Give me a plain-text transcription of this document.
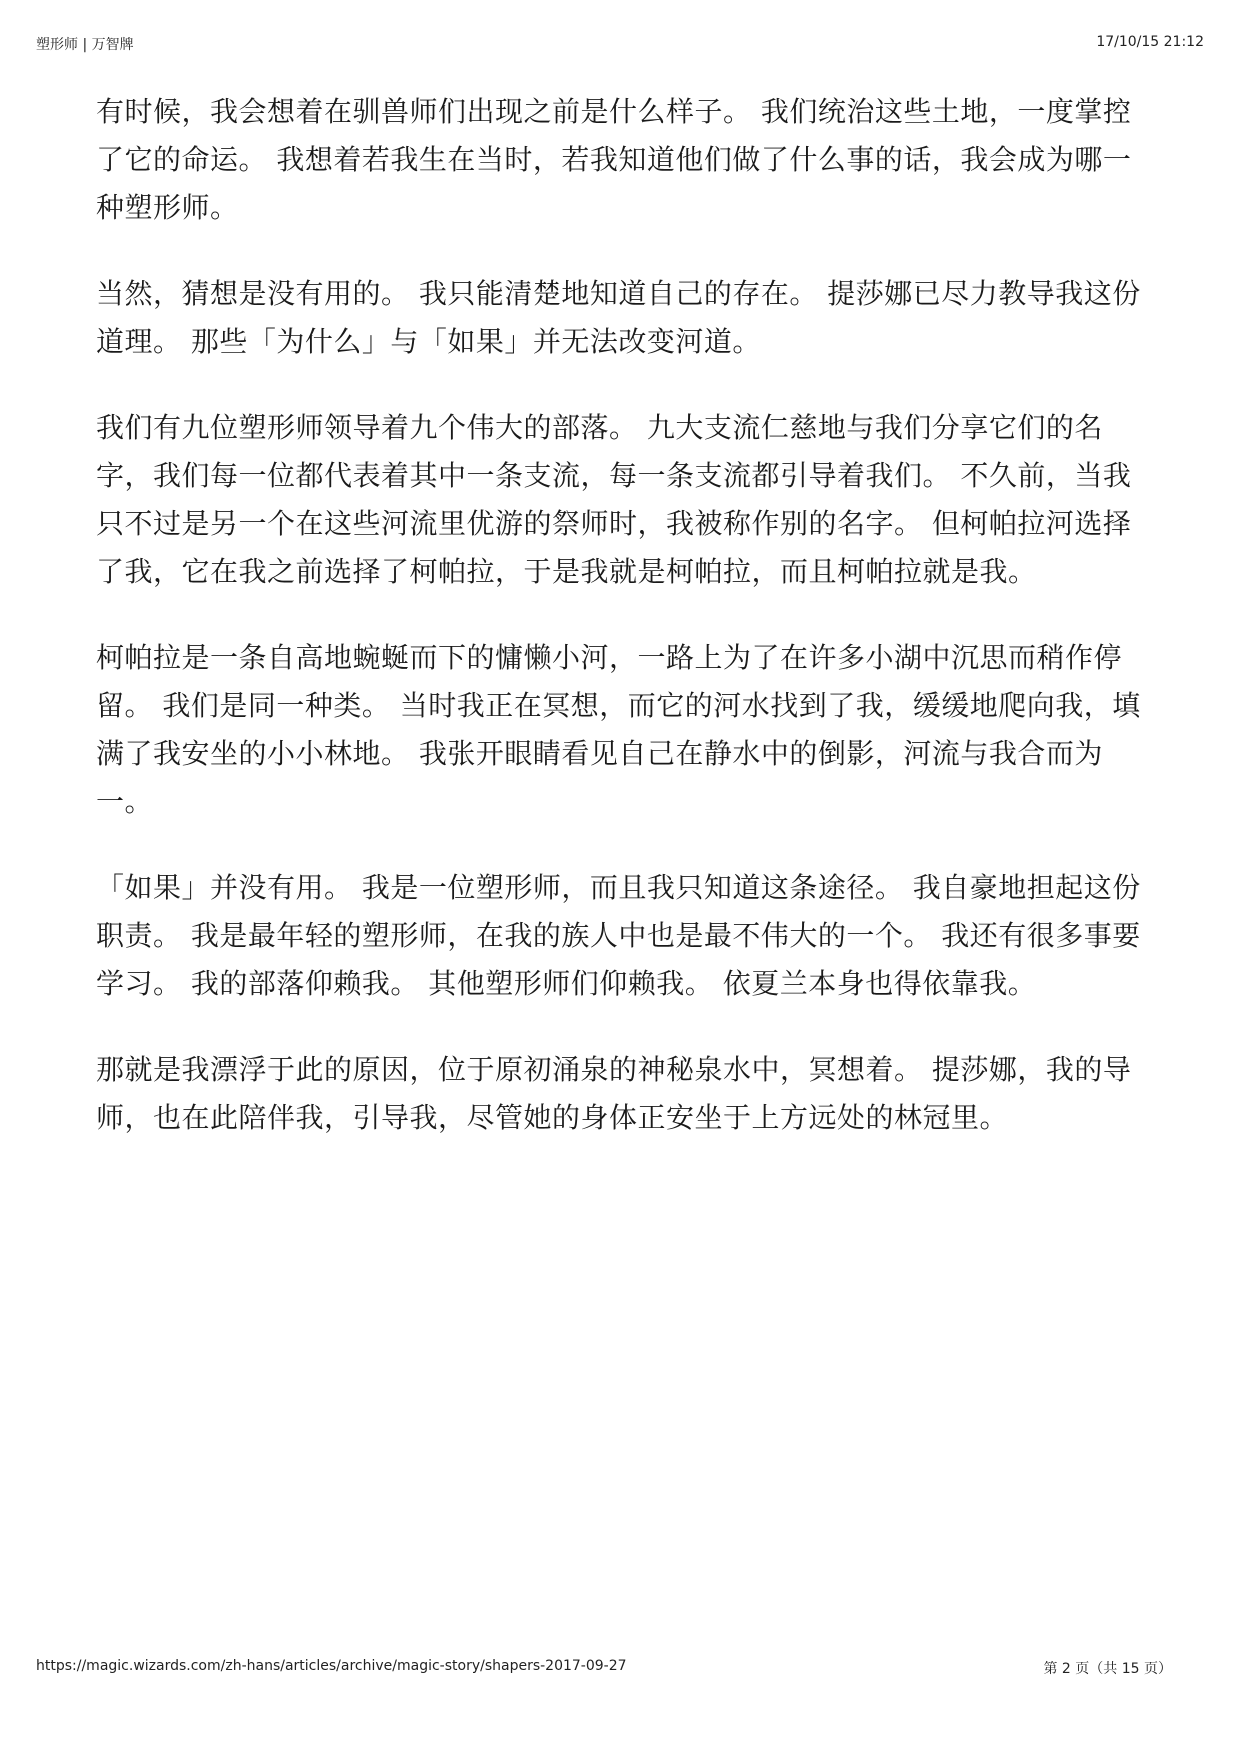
塑形师 | 万智牌	17/10/15 21:12

有时候，我会想着在驯兽师们出现之前是什么样子。 我们统治这些土地，一度掌控了它的命运。 我想着若我生在当时，若我知道他们做了什么事的话，我会成为哪一种塑形师。

当然，猜想是没有用的。 我只能清楚地知道自己的存在。 提莎娜已尽力教导我这份道理。 那些「为什么」与「如果」并无法改变河道。

我们有九位塑形师领导着九个伟大的部落。 九大支流仁慈地与我们分享它们的名字，我们每一位都代表着其中一条支流，每一条支流都引导着我们。 不久前，当我只不过是另一个在这些河流里优游的祭师时，我被称作别的名字。 但柯帕拉河选择了我，它在我之前选择了柯帕拉，于是我就是柯帕拉，而且柯帕拉就是我。

柯帕拉是一条自高地蜿蜒而下的慵懒小河，一路上为了在许多小湖中沉思而稍作停留。 我们是同一种类。 当时我正在冥想，而它的河水找到了我，缓缓地爬向我，填满了我安坐的小小林地。 我张开眼睛看见自己在静水中的倒影，河流与我合而为一。

「如果」并没有用。 我是一位塑形师，而且我只知道这条途径。 我自豪地担起这份职责。 我是最年轻的塑形师，在我的族人中也是最不伟大的一个。 我还有很多事要学习。 我的部落仰赖我。 其他塑形师们仰赖我。 依夏兰本身也得依靠我。

那就是我漂浮于此的原因，位于原初涌泉的神秘泉水中，冥想着。 提莎娜，我的导师，也在此陪伴我，引导我，尽管她的身体正安坐于上方远处的林冠里。

https://magic.wizards.com/zh-hans/articles/archive/magic-story/shapers-2017-09-27	第 2 页（共 15 页）
